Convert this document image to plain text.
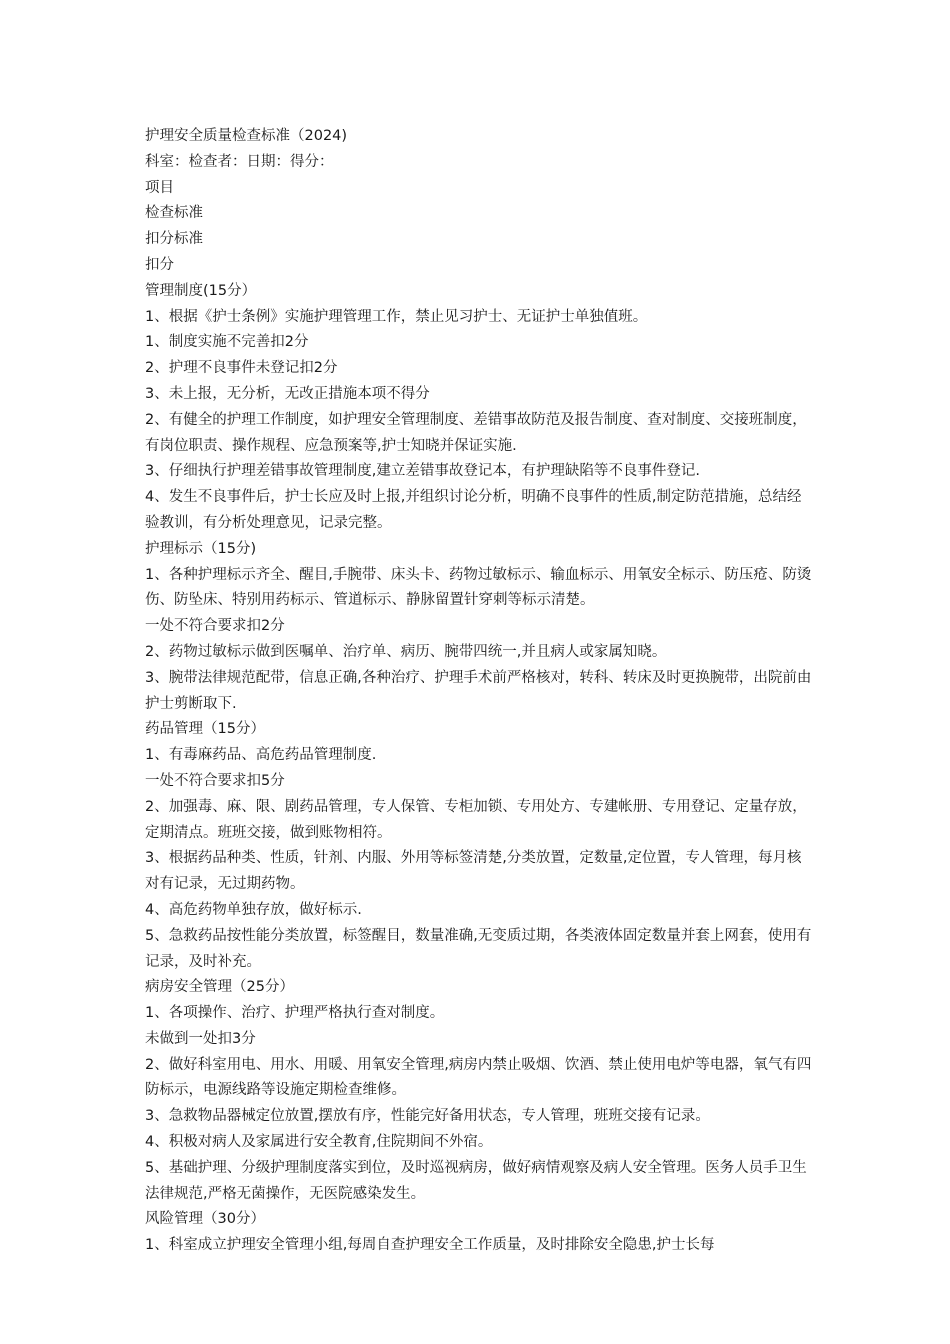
护理安全质量检查标准（2024)

科室：检查者：日期：得分：

项目

检查标准

扣分标准

扣分

管理制度(15分）

1、根据《护士条例》实施护理管理工作，禁止见习护士、无证护士单独值班。

1、制度实施不完善扣2分

2、护理不良事件未登记扣2分

3、未上报，无分析，无改正措施本项不得分

2、有健全的护理工作制度，如护理安全管理制度、差错事故防范及报告制度、查对制度、交接班制度，有岗位职责、操作规程、应急预案等,护士知晓并保证实施.

3、仔细执行护理差错事故管理制度,建立差错事故登记本，有护理缺陷等不良事件登记.

4、发生不良事件后，护士长应及时上报,并组织讨论分析，明确不良事件的性质,制定防范措施，总结经验教训，有分析处理意见，记录完整。

护理标示（15分)

1、各种护理标示齐全、醒目,手腕带、床头卡、药物过敏标示、输血标示、用氧安全标示、防压疮、防烫伤、防坠床、特别用药标示、管道标示、静脉留置针穿刺等标示清楚。

一处不符合要求扣2分

2、药物过敏标示做到医嘱单、治疗单、病历、腕带四统一,并且病人或家属知晓。

3、腕带法律规范配带，信息正确,各种治疗、护理手术前严格核对，转科、转床及时更换腕带，出院前由护士剪断取下.

药品管理（15分）

1、有毒麻药品、高危药品管理制度.

一处不符合要求扣5分

2、加强毒、麻、限、剧药品管理，专人保管、专柜加锁、专用处方、专建帐册、专用登记、定量存放，定期清点。班班交接，做到账物相符。

3、根据药品种类、性质，针剂、内服、外用等标签清楚,分类放置，定数量,定位置，专人管理，每月核对有记录，无过期药物。

4、高危药物单独存放，做好标示.

5、急救药品按性能分类放置，标签醒目，数量准确,无变质过期，各类液体固定数量并套上网套，使用有记录，及时补充。

病房安全管理（25分）

1、各项操作、治疗、护理严格执行查对制度。

未做到一处扣3分

2、做好科室用电、用水、用暖、用氧安全管理,病房内禁止吸烟、饮酒、禁止使用电炉等电器，氧气有四防标示，电源线路等设施定期检查维修。

3、急救物品器械定位放置,摆放有序，性能完好备用状态，专人管理，班班交接有记录。

4、积极对病人及家属进行安全教育,住院期间不外宿。

5、基础护理、分级护理制度落实到位，及时巡视病房，做好病情观察及病人安全管理。医务人员手卫生法律规范,严格无菌操作，无医院感染发生。

风险管理（30分）

1、科室成立护理安全管理小组,每周自查护理安全工作质量，及时排除安全隐患,护士长每
